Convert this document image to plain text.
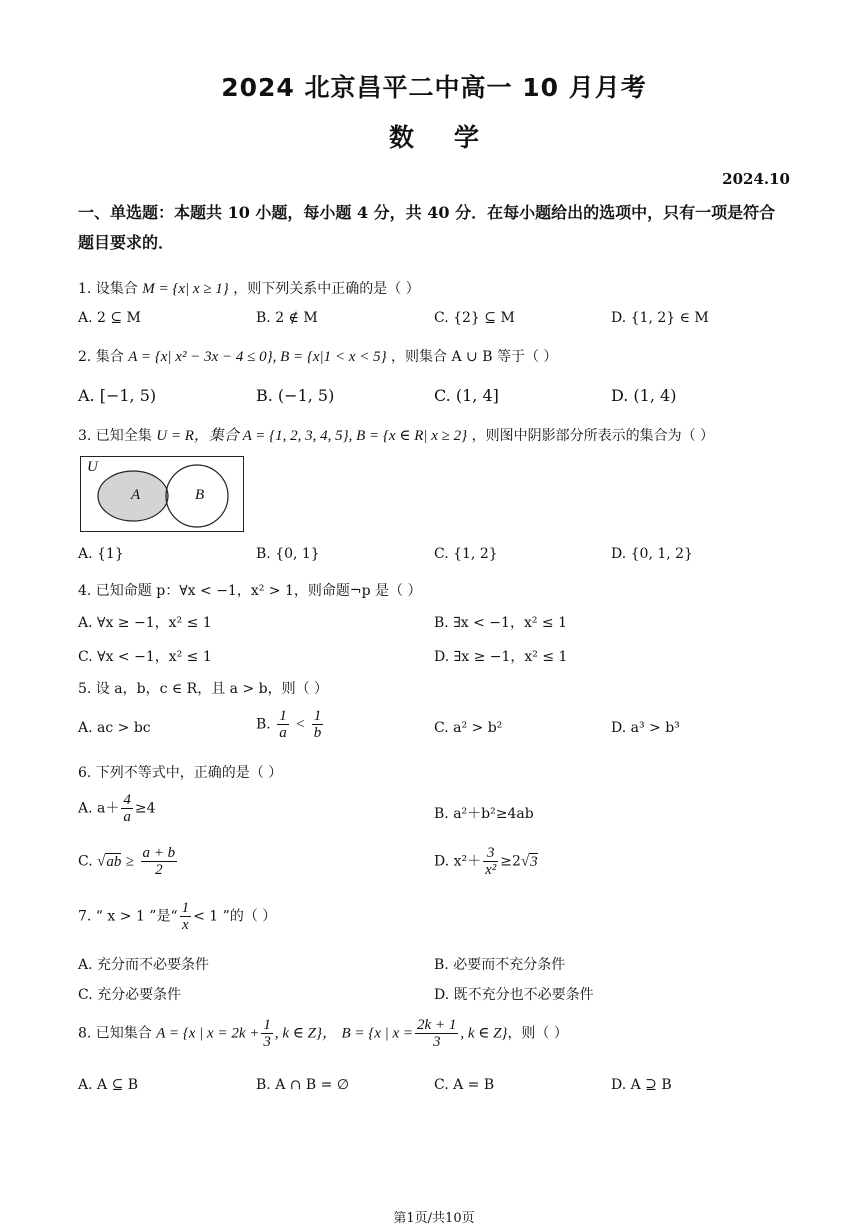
2024 北京昌平二中高一 10 月月考
数学
2024.10
一、单选题：本题共 10 小题，每小题 4 分，共 40 分．在每小题给出的选项中，只有一项是符合题目要求的．
1. 设集合 M = {x| x ≥ 1} ，则下列关系中正确的是（ ）
A. 2 ⊆ M	B. 2 ∉ M	C. {2} ⊆ M	D. {1, 2} ∈ M
2. 集合 A = {x| x² − 3x − 4 ≤ 0}, B = {x|1 < x < 5} ，则集合 A ∪ B 等于（ ）
A. [−1, 5)	B. (−1, 5)	C. (1, 4]	D. (1, 4)
3. 已知全集 U = R，集合 A = {1, 2, 3, 4, 5}, B = {x ∈ R| x ≥ 2} ，则图中阴影部分所表示的集合为（ ）
U
A	B
A. {1}	B. {0, 1}	C. {1, 2}	D. {0, 1, 2}
4. 已知命题 p：∀x < −1，x² > 1，则命题¬p 是（ ）
A. ∀x ≥ −1，x² ≤ 1	B. ∃x < −1，x² ≤ 1
C. ∀x < −1，x² ≤ 1	D. ∃x ≥ −1，x² ≤ 1
5. 设 a，b，c ∈ R，且 a > b，则（ ）
A. ac > bc	B. $\frac{1}{a} < \frac{1}{b}$	C. a² > b²	D. a³ > b³
6. 下列不等式中，正确的是（ ）
A. $a+ \frac{4}{a} \ge 4$	B. a²＋b²≥4ab
C. $√ab \ge \frac{a + b}{2}$	D. $x^2+ \frac{3}{\text{x²}} \ge 2√3$
7. “ x > 1 ”是“ $\frac{1}{x} < 1$ ”的（ ）
A. 充分而不必要条件	B. 必要而不充分条件
C. 充分必要条件	D. 既不充分也不必要条件
8. 已知集合 A = {x | $x = 2k + \frac{1}{3}$ , k ∈ Z}， B = {x | $x = \frac{2k + 1}{3}$ , k ∈ Z}，则（ ）
A. A ⊆ B	B. A ∩ B = ∅	C. A = B	D. A ⊇ B
第1页/共10页
